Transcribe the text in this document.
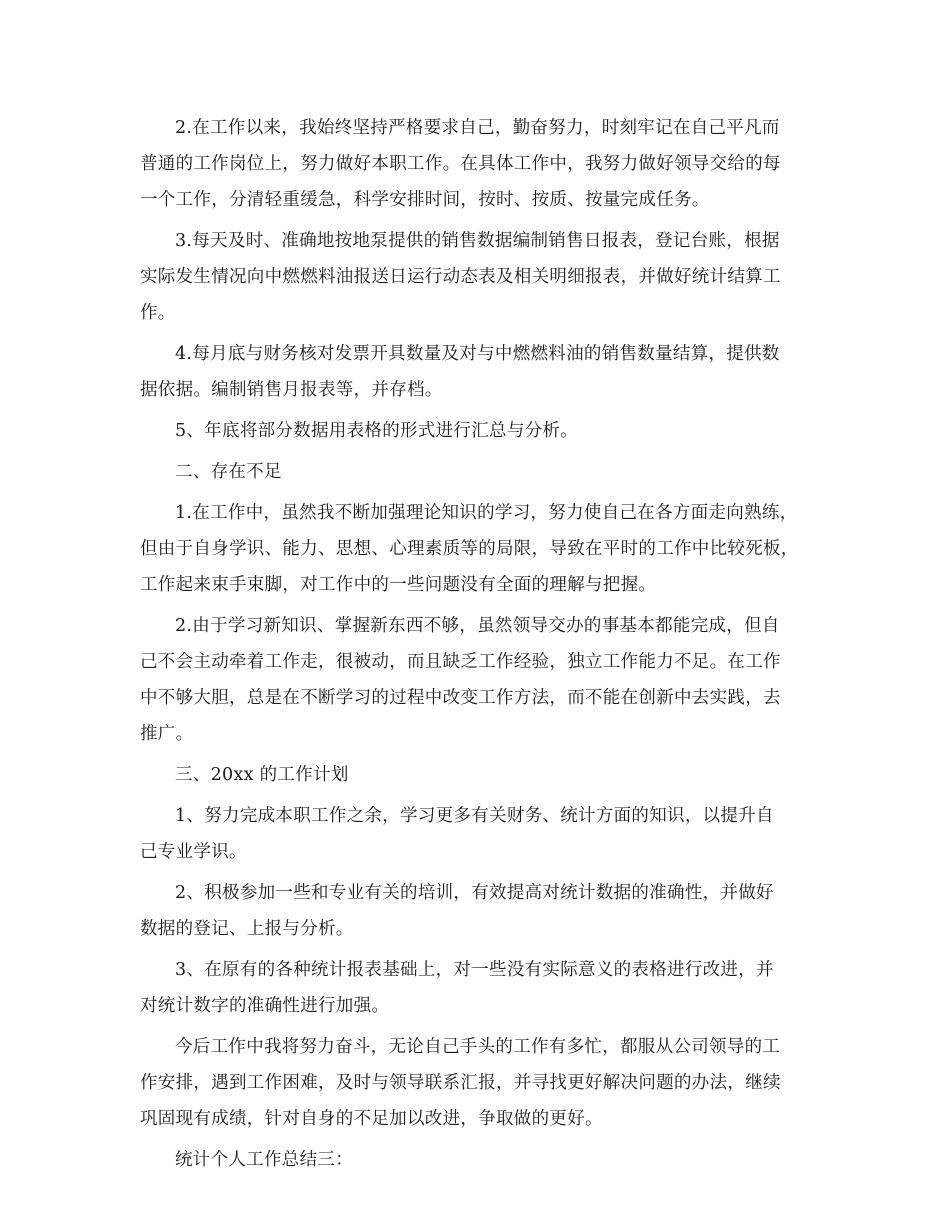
2.在工作以来，我始终坚持严格要求自己，勤奋努力，时刻牢记在自己平凡而
普通的工作岗位上，努力做好本职工作。在具体工作中，我努力做好领导交给的每
一个工作，分清轻重缓急，科学安排时间，按时、按质、按量完成任务。

3.每天及时、准确地按地泵提供的销售数据编制销售日报表，登记台账，根据
实际发生情况向中燃燃料油报送日运行动态表及相关明细报表，并做好统计结算工
作。

4.每月底与财务核对发票开具数量及对与中燃燃料油的销售数量结算，提供数
据依据。编制销售月报表等，并存档。

5、年底将部分数据用表格的形式进行汇总与分析。

二、存在不足

1.在工作中，虽然我不断加强理论知识的学习，努力使自己在各方面走向熟练，
但由于自身学识、能力、思想、心理素质等的局限，导致在平时的工作中比较死板，
工作起来束手束脚，对工作中的一些问题没有全面的理解与把握。

2.由于学习新知识、掌握新东西不够，虽然领导交办的事基本都能完成，但自
己不会主动牵着工作走，很被动，而且缺乏工作经验，独立工作能力不足。在工作
中不够大胆，总是在不断学习的过程中改变工作方法，而不能在创新中去实践，去
推广。

三、20xx 的工作计划

1、努力完成本职工作之余，学习更多有关财务、统计方面的知识，以提升自
己专业学识。

2、积极参加一些和专业有关的培训，有效提高对统计数据的准确性，并做好
数据的登记、上报与分析。

3、在原有的各种统计报表基础上，对一些没有实际意义的表格进行改进，并
对统计数字的准确性进行加强。

今后工作中我将努力奋斗，无论自己手头的工作有多忙，都服从公司领导的工
作安排，遇到工作困难，及时与领导联系汇报，并寻找更好解决问题的办法，继续
巩固现有成绩，针对自身的不足加以改进，争取做的更好。

统计个人工作总结三：
